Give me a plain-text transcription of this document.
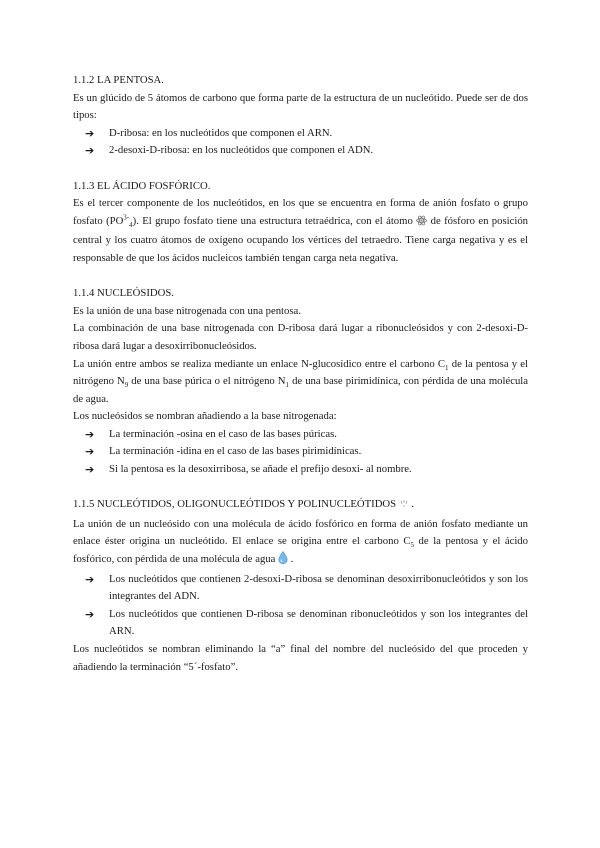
1.1.2 LA PENTOSA.

Es un glúcido de 5 átomos de carbono que forma parte de la estructura de un nucleótido. Puede ser de dos tipos:

➔ D-ribosa: en los nucleótidos que componen el ARN.
➔ 2-desoxi-D-ribosa: en los nucleótidos que componen el ADN.

1.1.3 EL ÁCIDO FOSFÓRICO.

Es el tercer componente de los nucleótidos, en los que se encuentra en forma de anión fosfato o grupo fosfato $(PO^{3-}_4)$. El grupo fosfato tiene una estructura tetraédrica, con el átomo de fósforo en posición central y los cuatro átomos de oxígeno ocupando los vértices del tetraedro. Tiene carga negativa y es el responsable de que los ácidos nucleicos también tengan carga neta negativa.

1.1.4 NUCLEÓSIDOS.

Es la unión de una base nitrogenada con una pentosa.

La combinación de una base nitrogenada con D-ribosa dará lugar a ribonucleósidos y con 2-desoxi-D-ribosa dará lugar a desoxirribonucleósidos.

La unión entre ambos se realiza mediante un enlace N-glucosídico entre el carbono $C_1$ de la pentosa y el nitrógeno $N_9$ de una base púrica o el nitrógeno $N_1$ de una base pirimidínica, con pérdida de una molécula de agua.

Los nucleósidos se nombran añadiendo a la base nitrogenada:

➔ La terminación -osina en el caso de las bases púricas.
➔ La terminación -idina en el caso de las bases pirimidínicas.
➔ Si la pentosa es la desoxirribosa, se añade el prefijo desoxi- al nombre.

1.1.5 NUCLEÓTIDOS, OLIGONUCLEÓTIDOS Y POLINUCLEÓTIDOS .

La unión de un nucleósido con una molécula de ácido fosfórico en forma de anión fosfato mediante un enlace éster origina un nucleótido. El enlace se origina entre el carbono $C_5$ de la pentosa y el ácido fosfórico, con pérdida de una molécula de agua .

➔ Los nucleótidos que contienen 2-desoxi-D-ribosa se denominan desoxirribonucleótidos y son los integrantes del ADN.
➔ Los nucleótidos que contienen D-ribosa se denominan ribonucleótidos y son los integrantes del ARN.

Los nucleótidos se nombran eliminando la “a” final del nombre del nucleósido del que proceden y añadiendo la terminación “5´-fosfato”.
